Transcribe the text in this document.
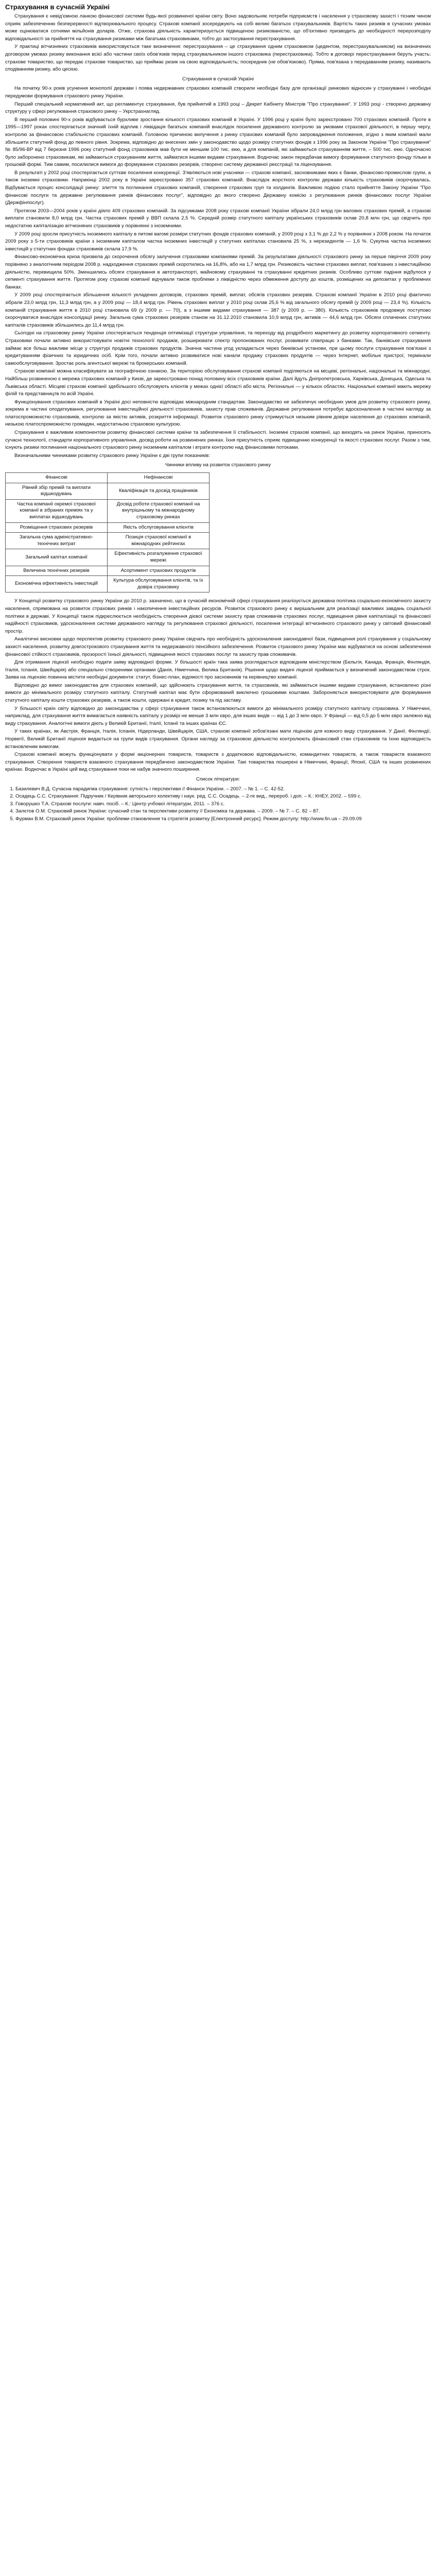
Страхування в сучасній Україні

Страхування є невід'ємною ланкою фінансової системи будь-якої розвиненої країни світу. Воно задовольняє потреби підприємств і населення у страховому захисті і тісним чином сприяє забезпеченню безперервності відтворювального процесу. Страхові компанії зосереджують на собі великі багатьох страхувальників. Вартість таких ризиків в сучасних умовах може оцінюватися сотнями мільйонів доларів. Отже, страхова діяльність характеризується підвищеною ризикованістю, що об'єктивно призводить до необхідності перерозподілу відповідальності за прийняття на страхування ризиками між багатьма страховиками, тобто до застосування перестрахування.

У практиці вітчизняних страховиків використовується таке визначення: перестрахування – це страхування одним страховиком (цедентом, перестрахувальником) на визначених договором умовах ризику виконання всієї або частини своїх обов'язків перед страхувальником іншого страховика (перестраховика). Тобто в договорі перестрахування беруть участь: страхове товариство, що передає страхове товариство, що приймає ризик на свою відповідальність; посередник (не обов'язково). Пряма, пов'язана з передаванням ризику, називають сподіванням ризику, або цесією.

Страхування в сучасній Україні

На початку 90-х років усунення монополії держави і поява недержавних страхових компаній створили необхідні базу для організації ринкових відносин у страхуванні і необхідні передумови формування страхового ринку України.

Перший спеціальний нормативний акт, що регламентує страхування, був прийнятий в 1993 році – Декрет Кабінету Міністрів "Про страхування". У 1993 році - створено державну структуру у сфері регулювання страхового ринку – Укрстрахнагляд.

В перший половині 90-х років відбувається бурхливе зростання кількості страхових компаній в Україні. У 1996 році у країні було зареєстровано 700 страхових компаній. Проте в 1995—1997 роках спостерігається значний їхній відплив і ліквідація багатьох компаній внаслідок посилення державного контролю за умовами страхової діяльності, в першу чергу, контролю за фінансовою стабільністю страхових компаній. Головною причиною вилучення з ринку страхових компаній було запровадження положення, згідно з яким компанії мали збільшити статутний фонд до певного рівня. Зокрема, відповідно до внесених змін у законодавство щодо розміру статутних фондів з 1996 року за Законом України "Про страхування" № 85/96-ВР від 7 березня 1996 року статутний фонд страховиків мав бути не меншим 100 тис. екю, а для компаній, які займаються страхуванням життя, – 500 тис. екю. Одночасно було заборонено страховикам, які займаються страхуванням життя, займатися іншими видами страхування. Водночас закон передбачав вимогу формування статутного фонду тільки в грошовій формі. Тим самим, посилилися вимоги до формування страхових резервів, створено систему державної реєстрації та ліцензування.

В результаті у 2002 році спостерігається суттєве посилення конкуренції. З'являються нові учасники — страхові компанії, засновниками яких є банки, фінансово-промислові групи, а також іноземні страховики. Наприкінці 2002 року в Україні зареєстровано 357 страхових компаній. Внаслідок жорсткого контролю держави кількість страховиків скорочувалась. Відбувається процес консолідації ринку: злиття та поглинання страхових компаній, створення страхових груп та холдингів. Важливою подією стало прийняття Закону України "Про фінансові послуги та державне регулювання ринків фінансових послуг", відповідно до якого створено Державну комісію з регулювання ринків фінансових послуг України (Держфінпослуг).

Протягом 2003—2004 років у країні діяло 409 страхових компаній. За підсумками 2008 року страхові компанії України зібрали 24,0 млрд грн валових страхових премій, а страхові виплати становили 8,0 млрд грн. Частка страхових премій у ВВП склала 2,5 %. Середній розмір статутного капіталу українських страховиків склав 20,8 млн грн, що свідчить про недостатню капіталізацію вітчизняних страховиків у порівнянні з іноземними.

У 2009 році зросли присутність іноземного капіталу в питомі вагомі розміри статутних фондів страхових компаній, у 2009 році з 3,1 % до 2,2 % у порівнянні з 2008 роком. На початок 2009 року з 5-ти страховиків країни з іноземним капіталом частка іноземних інвестицій у статутних капіталах становила 25 %, з нерезидентів — 1,6 %. Сукупна частка іноземних інвестицій у статутних фондах страховиків склала 17,9 %.

Фінансово-економічна криза призвела до скорочення обсягу залучення страховими компаніями премій. За результатами діяльності страхового ринку за перше півріччя 2009 року порівняно з аналогічним періодом 2008 р. надходження страхових премій скоротились на 16,8%, або на 1,7 млрд грн. Ризиковість частини страхових виплат, пов'язаних з інвестиційною діяльністю, перевищила 50%. Зменшились обсяги страхування в автотранспорті, майновому страхуванні та страхуванні кредитних ризиків. Особливо суттєве падіння відбулося у сегменті страхування життя. Протягом року страхові компанії відчували також проблеми з ліквідністю через обмеження доступу до коштів, розміщених на депозитах у проблемних банках.

У 2009 році спостерігається збільшення кількості укладених договорів, страхових премій, виплат, обсягів страхових резервів. Страхові компанії України в 2010 році фактично зібрали 23,0 млрд грн, 11,3 млрд грн, а у 2009 році — 18,4 млрд грн. Рівень страхових виплат у 2010 році склав 25,6 % від загального обсягу премій (у 2009 році — 23,4 %). Кількість компаній страхування життя в 2010 році становила 69 (у 2009 р. — 70), а з іншими видами страхування — 387 (у 2009 р. — 380). Кількість страховиків продовжує поступово скорочуватися внаслідок консолідації ринку. Загальна сума страхових резервів станом на 31.12.2010 становила 10,9 млрд грн, активів — 44,6 млрд грн. Обсяги сплачених статутних капіталів страховиків збільшились до 11,4 млрд грн.

Сьогодні на страховому ринку України спостерігається тенденція оптимізації структури управління, та переходу від роздрібного маркетингу до розвитку корпоративного сегменту. Страховики почали активно використовувати новітні технології продажів, розширювати спектр пропонованих послуг, розвивати співпрацю з банками. Так, банківське страхування займає все більш важливе місце у структурі продажів страхових продуктів. Значна частина угод укладається через банківські установи, при цьому послуги страхування пов'язані з кредитуванням фізичних та юридичних осіб. Крім того, почали активно розвиватися нові канали продажу страхових продуктів — через Інтернет, мобільні пристрої, термінали самообслуговування. Зростає роль агентської мережі та брокерських компаній.

Страхові компанії можна класифікувати за географічною ознакою. За територією обслуговування страхові компанії поділяються на місцеві, регіональні, національні та міжнародні. Найбільш розвиненою є мережа страхових компаній у Києві, де зареєстровано понад половину всіх страховиків країни. Далі йдуть Дніпропетровська, Харківська, Донецька, Одеська та Львівська області. Місцеві страхові компанії здебільшого обслуговують клієнтів у межах однієї області або міста. Регіональні — у кількох областях. Національні компанії мають мережу філій та представництв по всій Україні.

Функціонування страхових компаній в Україні досі неповністю відповідає міжнародним стандартам. Законодавство не забезпечує необхідних умов для розвитку страхового ринку, зокрема в частині оподаткування, регулювання інвестиційної діяльності страховиків, захисту прав споживачів. Державне регулювання потребує вдосконалення в частині нагляду за платоспроможністю страховиків, контролю за якістю активів, розкриття інформації. Розвиток страхового ринку стримується низьким рівнем довіри населення до страхових компаній, низькою платоспроможністю громадян, недостатньою страховою культурою.

Страхування є важливим компонентом розвитку фінансової системи країни та забезпечення її стабільності. Іноземні страхові компанії, що виходять на ринок України, приносять сучасні технології, стандарти корпоративного управління, досвід роботи на розвинених ринках. Їхня присутність сприяє підвищенню конкуренції та якості страхових послуг. Разом з тим, існують ризики поглинання національного страхового ринку іноземним капіталом і втрати контролю над фінансовими потоками.

Визначальними чинниками розвитку страхового ринку України є дві групи показників:

Чинники впливу на розвиток страхового ринку

Фінансові	Нефінансові
Рівний збір премій та виплати відшкодувань	Кваліфікація та досвід працівників
Частка компанії окремої страхової компанії в зібраних преміях та у виплатах відшкодувань	Досвід роботи страхової компанії на внутрішньому та міжнародному страховому ринках
Розміщення страхових резервів	Якість обслуговування клієнтів
Загальна сума адміністративно-технічних витрат	Позиція страхової компанії в міжнародних рейтингах
Загальний капітал компанії	Ефективність розгалуження страхової мережі
Величина технічних резервів	Асортимент страхових продуктів
Економічна ефективність інвестицій	Культура обслуговування клієнтів, та їх довіра страховику

У Концепції розвитку страхового ринку України до 2010 р. зазначено, що в сучасній економічній сфері страхування реалізується державна політика соціально-економічного захисту населення, спрямована на розвиток страхових ринків і накопичення інвестиційних ресурсів. Розвиток страхового ринку є вирішальним для реалізації важливих завдань соціальної політики в державі. У Концепції також підкреслюється необхідність створення дієвої системи захисту прав споживачів страхових послуг, підвищення рівня капіталізації та фінансової надійності страховиків, удосконалення системи державного нагляду та регулювання страхової діяльності, посилення інтеграції вітчизняного страхового ринку у світовий фінансовий простір.

Аналітичні висновки щодо перспектив розвитку страхового ринку України свідчать про необхідність удосконалення законодавчої бази, підвищення ролі страхування у соціальному захисті населення, розвитку довгострокового страхування життя та недержавного пенсійного забезпечення. Розвиток страхового ринку України має відбуватися на основі забезпечення фінансової стійкості страховиків, прозорості їхньої діяльності, підвищення якості страхових послуг та захисту прав споживачів.

Для отримання ліцензії необхідно подати заяву відповідної форми. У більшості країн така заява розглядається відповідним міністерством (Бельгія, Канада, Франція, Фінляндія, Італія, Іспанія, Швейцарія) або спеціально створеними органами (Данія, Німеччина, Велика Британія). Рішення щодо видачі ліцензії приймається у визначений законодавством строк. Заява на ліцензію повинна містити необхідні документи: статут, бізнес-план, відомості про засновників та керівництво компанії.

Відповідно до вимог законодавства для страхових компаній, що здійснюють страхування життя, та страховиків, які займаються іншими видами страхування, встановлено різні вимоги до мінімального розміру статутного капіталу. Статутний капітал має бути сформований виключно грошовими коштами. Забороняється використовувати для формування статутного капіталу кошти страхових резервів, а також кошти, одержані в кредит, позику та під заставу.

У більшості країн світу відповідно до законодавства у сфері страхування також встановлюються вимоги до мінімального розміру статутного капіталу страховика. У Німеччині, наприклад, для страхування життя вимагається наявність капіталу у розмірі не менше 3 млн євро, для інших видів — від 1 до 3 млн євро. У Франції — від 0,5 до 5 млн євро залежно від виду страхування. Аналогічні вимоги діють у Великій Британії, Італії, Іспанії та інших країнах ЄС.

У таких країнах, як Австрія, Франція, Італія, Іспанія, Нідерланди, Швейцарія, США, страхові компанії зобов'язані мати ліцензію для кожного виду страхування. У Данії, Фінляндії, Норвегії, Великій Британії ліцензія видається на групи видів страхування. Органи нагляду за страховою діяльністю контролюють фінансовий стан страховиків та їхню відповідність встановленим вимогам.

Страхові компанії можуть функціонувати у формі акціонерних товариств, товариств з додатковою відповідальністю, командитних товариств, а також товариств взаємного страхування. Створення товариств взаємного страхування передбачено законодавством України. Такі товариства поширені в Німеччині, Франції, Японії, США та інших розвинених країнах. Водночас в Україні цей вид страхування поки не набув значного поширення.

Список літератури:

1. Базилевич В.Д. Сучасна парадигма страхування: сутність і перспективи // Фінанси України. – 2007. – № 1. – С. 42-52.
2. Осадець С.С. Страхування: Підручник / Керівник авторського колективу і наук. ред. С.С. Осадець. – 2-ге вид., перероб. і доп. – К.: КНЕУ, 2002. – 599 с.
3. Говорушко Т.А. Страхові послуги: навч. посіб. – К.: Центр учбової літератури, 2011. – 376 с.
4. Залєтов О.М. Страховий ринок України: сучасний стан та перспективи розвитку // Економіка та держава. – 2009. – № 7. – С. 82 – 87.
5. Фурман В.М. Страховий ринок України: проблеми становлення та стратегія розвитку [Електронний ресурс]. Режим доступу: http://www.fin.ua – 29.09.09
